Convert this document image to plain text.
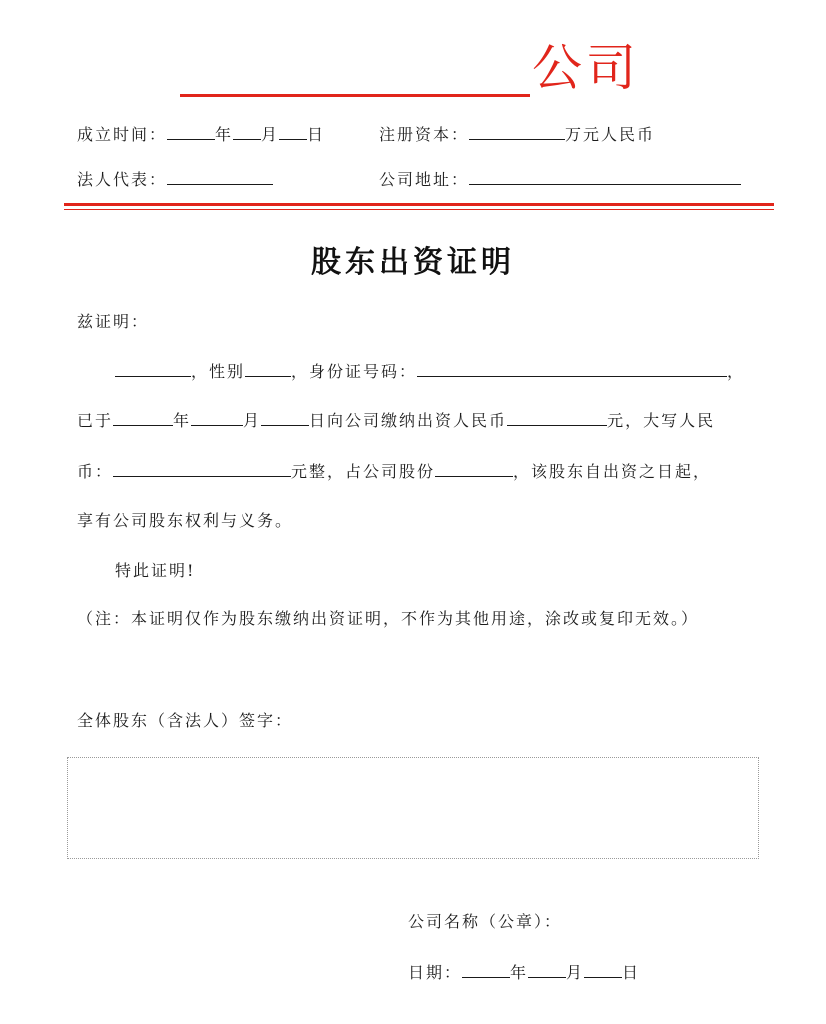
公司
成立时间：	年 月 日	注册资本：	万元人民币
法人代表：	公司地址：
股东出资证明
兹证明：
，性别	，身份证号码：	，
已于	年	月	日向公司缴纳出资人民币	元，大写人民
币：	元整，占公司股份	，该股东自出资之日起，
享有公司股东权利与义务。
特此证明!
（注：本证明仅作为股东缴纳出资证明，不作为其他用途，涂改或复印无效。）
全体股东（含法人）签字：
公司名称（公章）：
日期：	年 月 日
